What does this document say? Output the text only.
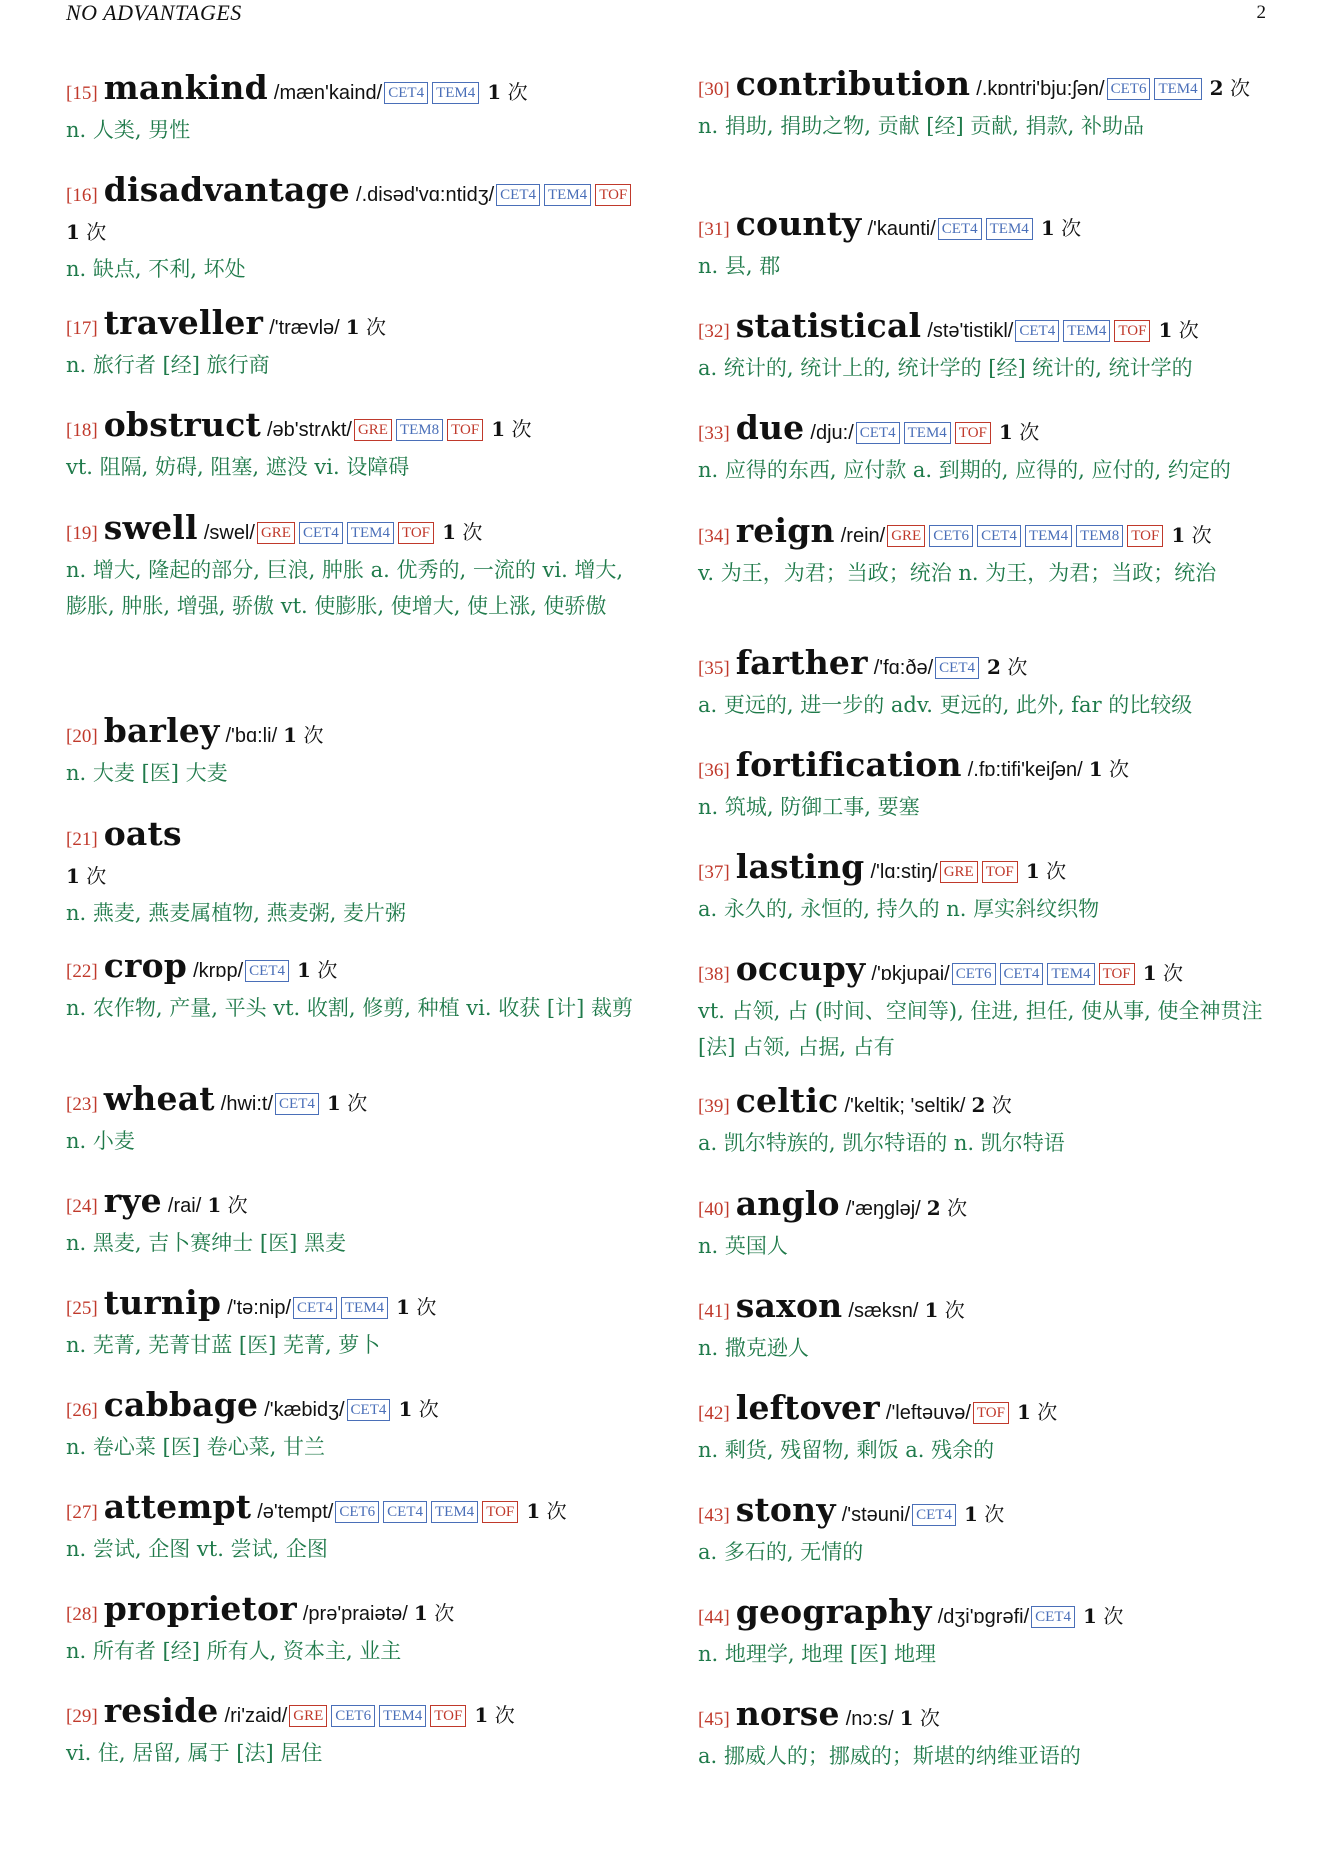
NO ADVANTAGES	2
[15] mankind /mæn'kaind/ CET4 TEM4 1 次
n. 人类, 男性
[16] disadvantage /.disəd'vɑ:ntidʒ/ CET4 TEM4 TOF 1 次
n. 缺点, 不利, 坏处
[17] traveller /'trævlə/ 1 次
n. 旅行者 [经] 旅行商
[18] obstruct /əb'strʌkt/ GRE TEM8 TOF 1 次
vt. 阻隔, 妨碍, 阻塞, 遮没 vi. 设障碍
[19] swell /swel/ GRE CET4 TEM4 TOF 1 次
n. 增大, 隆起的部分, 巨浪, 肿胀 a. 优秀的, 一流的 vi. 增大, 膨胀, 肿胀, 增强, 骄傲 vt. 使膨胀, 使增大, 使上涨, 使骄傲
[20] barley /'bɑ:li/ 1 次
n. 大麦 [医] 大麦
[21] oats
1 次
n. 燕麦, 燕麦属植物, 燕麦粥, 麦片粥
[22] crop /krɒp/ CET4 1 次
n. 农作物, 产量, 平头 vt. 收割, 修剪, 种植 vi. 收获 [计] 裁剪
[23] wheat /hwi:t/ CET4 1 次
n. 小麦
[24] rye /rai/ 1 次
n. 黑麦, 吉卜赛绅士 [医] 黑麦
[25] turnip /'tə:nip/ CET4 TEM4 1 次
n. 芜菁, 芜菁甘蓝 [医] 芜菁, 萝卜
[26] cabbage /'kæbidʒ/ CET4 1 次
n. 卷心菜 [医] 卷心菜, 甘兰
[27] attempt /ə'tempt/ CET6 CET4 TEM4 TOF 1 次
n. 尝试, 企图 vt. 尝试, 企图
[28] proprietor /prə'praiətə/ 1 次
n. 所有者 [经] 所有人, 资本主, 业主
[29] reside /ri'zaid/ GRE CET6 TEM4 TOF 1 次
vi. 住, 居留, 属于 [法] 居住
[30] contribution /.kɒntri'bju:ʃən/ CET6 TEM4 2 次
n. 捐助, 捐助之物, 贡献 [经] 贡献, 捐款, 补助品
[31] county /'kaunti/ CET4 TEM4 1 次
n. 县, 郡
[32] statistical /stə'tistikl/ CET4 TEM4 TOF 1 次
a. 统计的, 统计上的, 统计学的 [经] 统计的, 统计学的
[33] due /dju:/ CET4 TEM4 TOF 1 次
n. 应得的东西, 应付款 a. 到期的, 应得的, 应付的, 约定的
[34] reign /rein/ GRE CET6 CET4 TEM4 TEM8 TOF 1 次
v. 为王，为君；当政；统治 n. 为王，为君；当政；统治
[35] farther /'fɑ:ðə/ CET4 2 次
a. 更远的, 进一步的 adv. 更远的, 此外, far 的比较级
[36] fortification /.fɒ:tifi'keiʃən/ 1 次
n. 筑城, 防御工事, 要塞
[37] lasting /'lɑ:stiŋ/ GRE TOF 1 次
a. 永久的, 永恒的, 持久的 n. 厚实斜纹织物
[38] occupy /'ɒkjupai/ CET6 CET4 TEM4 TOF 1 次
vt. 占领, 占 (时间、空间等), 住进, 担任, 使从事, 使全神贯注 [法] 占领, 占据, 占有
[39] celtic /'keltik; 'seltik/ 2 次
a. 凯尔特族的, 凯尔特语的 n. 凯尔特语
[40] anglo /'æŋgləj/ 2 次
n. 英国人
[41] saxon /sæksn/ 1 次
n. 撒克逊人
[42] leftover /'leftəuvə/ TOF 1 次
n. 剩货, 残留物, 剩饭 a. 残余的
[43] stony /'stəuni/ CET4 1 次
a. 多石的, 无情的
[44] geography /dʒi'ɒgrəfi/ CET4 1 次
n. 地理学, 地理 [医] 地理
[45] norse /nɔ:s/ 1 次
a. 挪威人的；挪威的；斯堪的纳维亚语的
